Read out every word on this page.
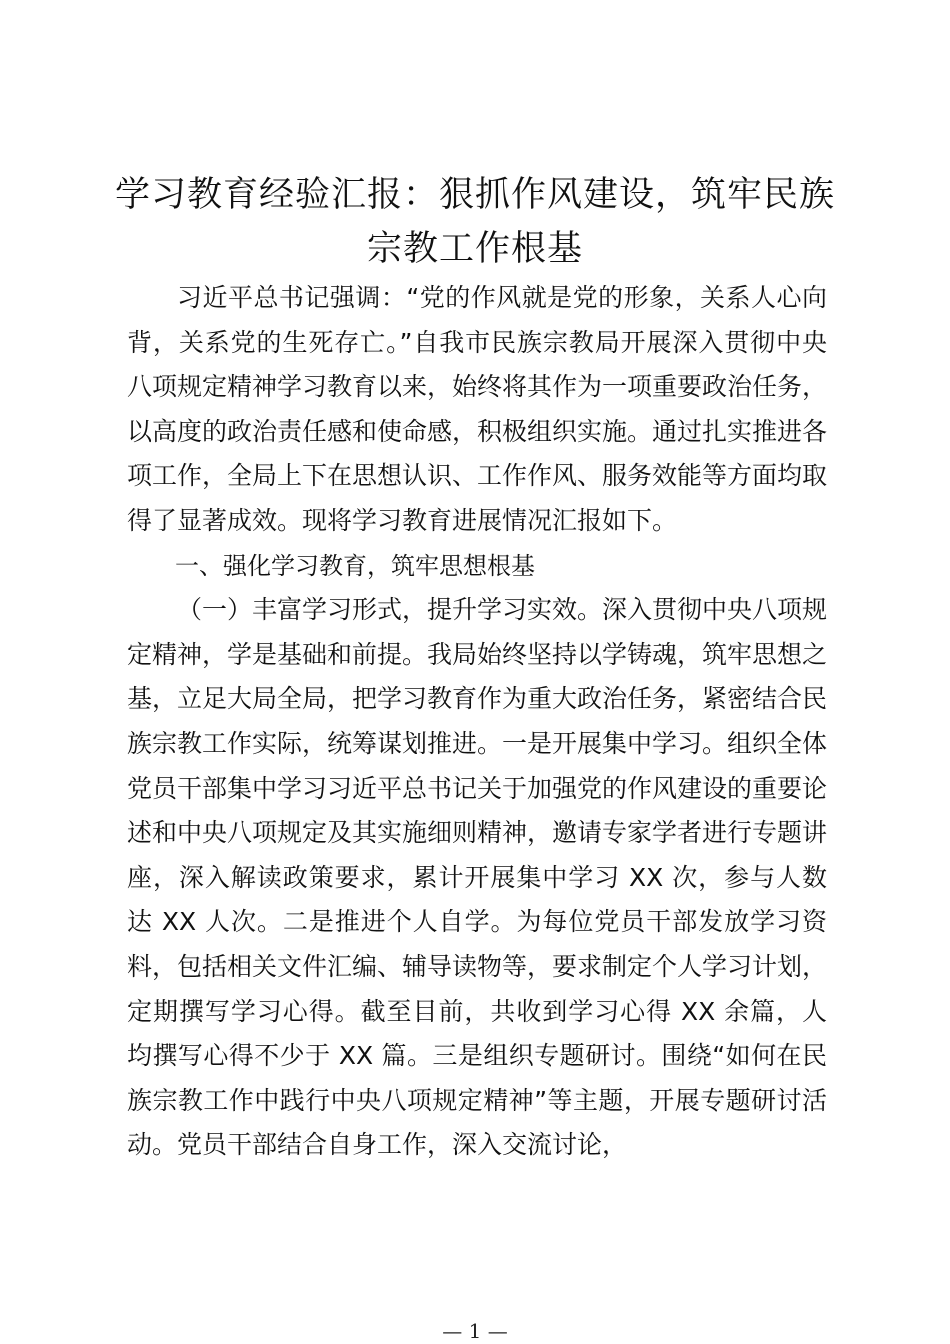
学习教育经验汇报：狠抓作风建设，筑牢民族宗教工作根基

习近平总书记强调：“党的作风就是党的形象，关系人心向背，关系党的生死存亡。”自我市民族宗教局开展深入贯彻中央八项规定精神学习教育以来，始终将其作为一项重要政治任务，以高度的政治责任感和使命感，积极组织实施。通过扎实推进各项工作，全局上下在思想认识、工作作风、服务效能等方面均取得了显著成效。现将学习教育进展情况汇报如下。

一、强化学习教育，筑牢思想根基

（一）丰富学习形式，提升学习实效。深入贯彻中央八项规定精神，学是基础和前提。我局始终坚持以学铸魂，筑牢思想之基，立足大局全局，把学习教育作为重大政治任务，紧密结合民族宗教工作实际，统筹谋划推进。一是开展集中学习。组织全体党员干部集中学习习近平总书记关于加强党的作风建设的重要论述和中央八项规定及其实施细则精神，邀请专家学者进行专题讲座，深入解读政策要求，累计开展集中学习 XX 次，参与人数达 XX 人次。二是推进个人自学。为每位党员干部发放学习资料，包括相关文件汇编、辅导读物等，要求制定个人学习计划，定期撰写学习心得。截至目前，共收到学习心得 XX 余篇，人均撰写心得不少于 XX 篇。三是组织专题研讨。围绕“如何在民族宗教工作中践行中央八项规定精神”等主题，开展专题研讨活动。党员干部结合自身工作，深入交流讨论，

— 1 —
